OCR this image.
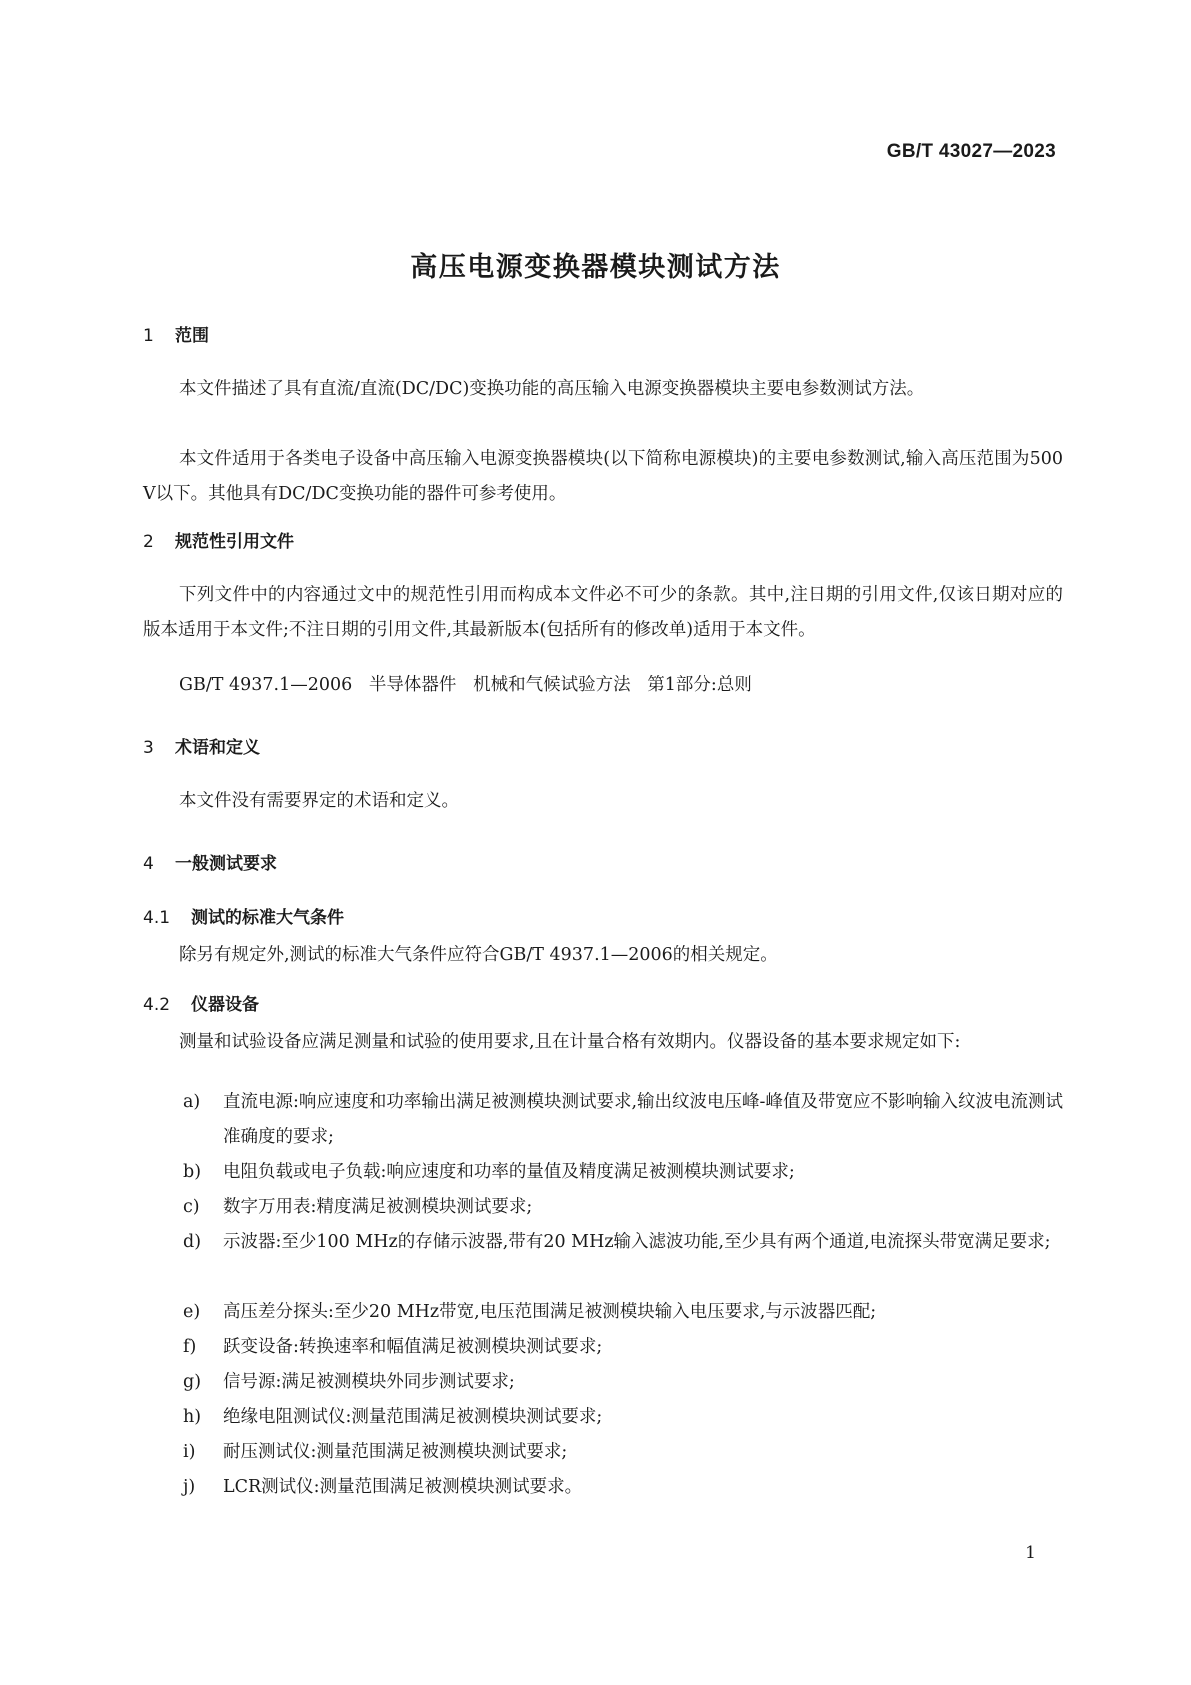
GB/T 43027—2023
高压电源变换器模块测试方法
1 范围
本文件描述了具有直流/直流(DC/DC)变换功能的高压输入电源变换器模块主要电参数测试方法。
本文件适用于各类电子设备中高压输入电源变换器模块(以下简称电源模块)的主要电参数测试,输入高压范围为500 V以下。其他具有DC/DC变换功能的器件可参考使用。
2 规范性引用文件
下列文件中的内容通过文中的规范性引用而构成本文件必不可少的条款。其中,注日期的引用文件,仅该日期对应的版本适用于本文件;不注日期的引用文件,其最新版本(包括所有的修改单)适用于本文件。
GB/T 4937.1—2006   半导体器件   机械和气候试验方法   第1部分:总则
3 术语和定义
本文件没有需要界定的术语和定义。
4 一般测试要求
4.1 测试的标准大气条件
除另有规定外,测试的标准大气条件应符合GB/T 4937.1—2006的相关规定。
4.2 仪器设备
测量和试验设备应满足测量和试验的使用要求,且在计量合格有效期内。仪器设备的基本要求规定如下:
a)	直流电源:响应速度和功率输出满足被测模块测试要求,输出纹波电压峰-峰值及带宽应不影响输入纹波电流测试准确度的要求;
b)	电阻负载或电子负载:响应速度和功率的量值及精度满足被测模块测试要求;
c)	数字万用表:精度满足被测模块测试要求;
d)	示波器:至少100 MHz的存储示波器,带有20 MHz输入滤波功能,至少具有两个通道,电流探头带宽满足要求;
e)	高压差分探头:至少20 MHz带宽,电压范围满足被测模块输入电压要求,与示波器匹配;
f)	跃变设备:转换速率和幅值满足被测模块测试要求;
g)	信号源:满足被测模块外同步测试要求;
h)	绝缘电阻测试仪:测量范围满足被测模块测试要求;
i)	耐压测试仪:测量范围满足被测模块测试要求;
j)	LCR测试仪:测量范围满足被测模块测试要求。
1
